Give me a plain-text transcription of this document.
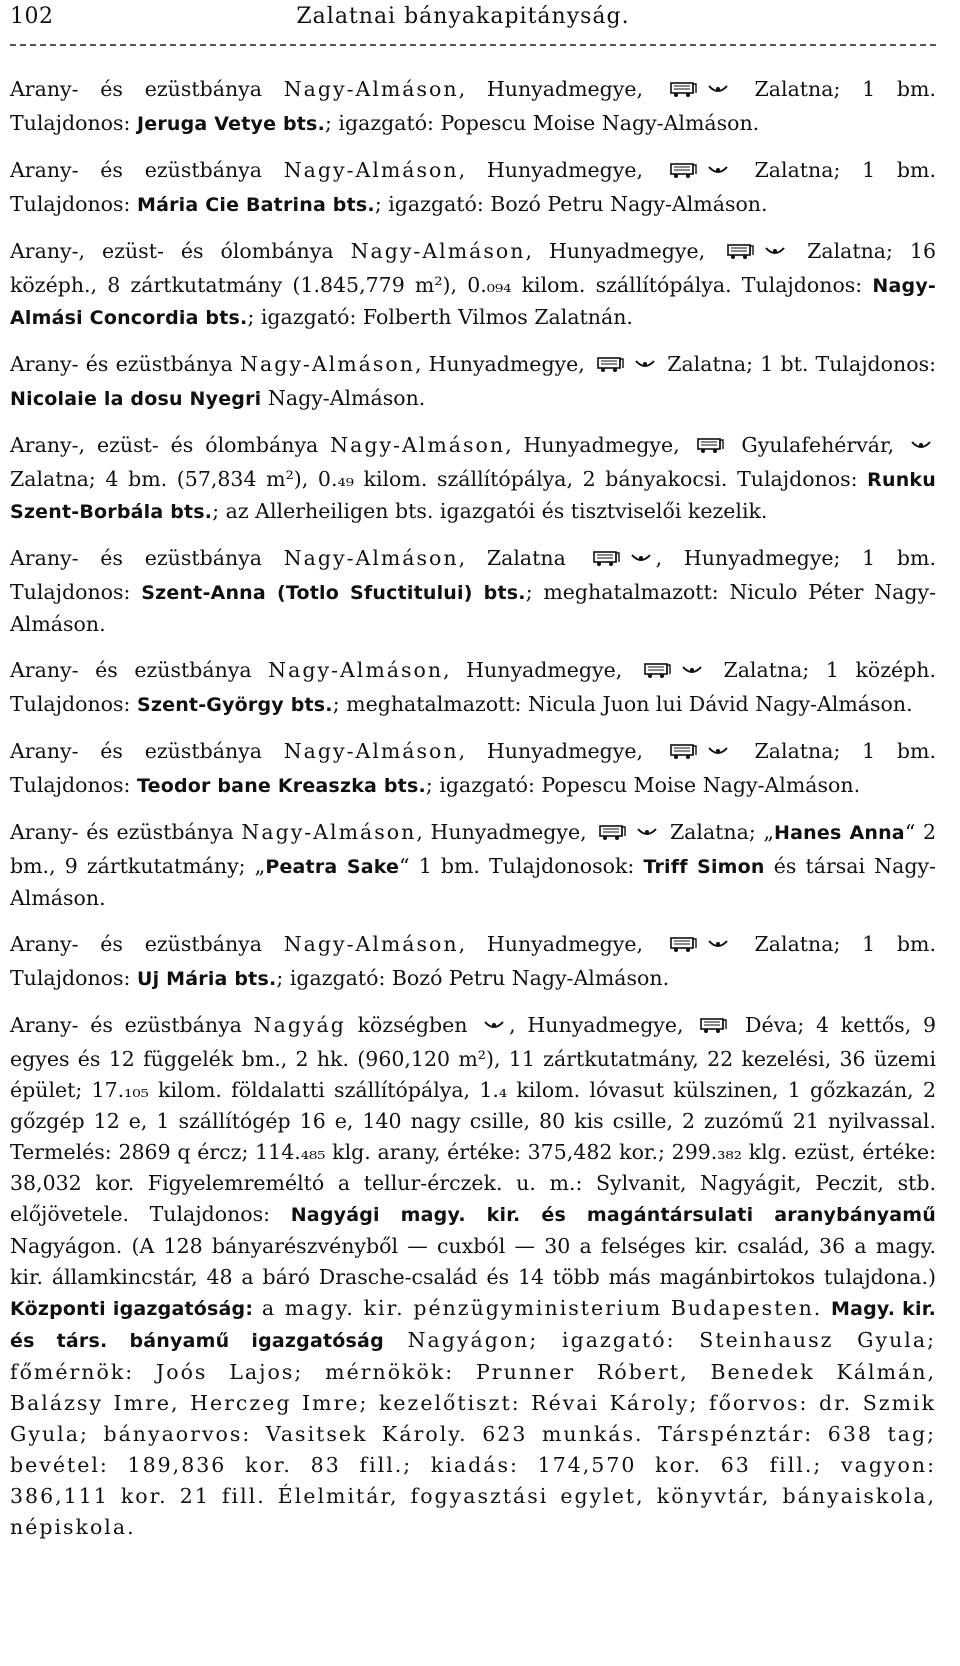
102	Zalatnai bányakapitányság.
Arany- és ezüstbánya Nagy-Almáson, Hunyadmegye,	Zalatna; 1 bm. Tulajdonos: Jeruga Vetye bts.; igazgató: Popescu Moise Nagy-Almáson.
Arany- és ezüstbánya Nagy-Almáson, Hunyadmegye,	Zalatna; 1 bm. Tulajdonos: Mária Cie Batrina bts.; igazgató: Bozó Petru Nagy-Almáson.
Arany-, ezüst- és ólombánya Nagy-Almáson, Hunyadmegye,	Zalatna; 16 középh., 8 zártkutatmány (1.845,779 m²), 0.₀₉₄ kilom. szállítópálya. Tulajdonos: Nagy-Almási Concordia bts.; igazgató: Folberth Vilmos Zalatnán.
Arany- és ezüstbánya Nagy-Almáson, Hunyadmegye,	Zalatna; 1 bt. Tulajdonos: Nicolaie la dosu Nyegri Nagy-Almáson.
Arany-, ezüst- és ólombánya Nagy-Almáson, Hunyadmegye,  Gyulafehérvár,  Zalatna; 4 bm. (57,834 m²), 0.₄₉ kilom. szállítópálya, 2 bányakocsi. Tulajdonos: Runku Szent-Borbála bts.; az Allerheiligen bts. igazgatói és tisztviselői kezelik.
Arany- és ezüstbánya Nagy-Almáson, Zalatna	, Hunyadmegye; 1 bm. Tulajdonos: Szent-Anna (Totlo Sfuctitului) bts.; meghatalmazott: Niculo Péter Nagy-Almáson.
Arany- és ezüstbánya Nagy-Almáson, Hunyadmegye,	Zalatna; 1 középh. Tulajdonos: Szent-György bts.; meghatalmazott: Nicula Juon lui Dávid Nagy-Almáson.
Arany- és ezüstbánya Nagy-Almáson, Hunyadmegye,	Zalatna; 1 bm. Tulajdonos: Teodor bane Kreaszka bts.; igazgató: Popescu Moise Nagy-Almáson.
Arany- és ezüstbánya Nagy-Almáson, Hunyadmegye,	Zalatna; „Hanes Anna“ 2 bm., 9 zártkutatmány; „Peatra Sake“ 1 bm. Tulajdonosok: Triff Simon és társai Nagy-Almáson.
Arany- és ezüstbánya Nagy-Almáson, Hunyadmegye,	Zalatna; 1 bm. Tulajdonos: Uj Mária bts.; igazgató: Bozó Petru Nagy-Almáson.
Arany- és ezüstbánya Nagyág községben , Hunyadmegye,  Déva; 4 kettős, 9 egyes és 12 függelék bm., 2 hk. (960,120 m²), 11 zártkutatmány, 22 kezelési, 36 üzemi épület; 17.₁₀₅ kilom. földalatti szállítópálya, 1.₄ kilom. lóvasut külszinen, 1 gőzkazán, 2 gőzgép 12 e, 1 szállítógép 16 e, 140 nagy csille, 80 kis csille, 2 zuzómű 21 nyilvassal. Termelés: 2869 q ércz; 114.₄₈₅ klg. arany, értéke: 375,482 kor.; 299.₃₈₂ klg. ezüst, értéke: 38,032 kor. Figyelemreméltó a tellur-érczek. u. m.: Sylvanit, Nagyágit, Peczit, stb. előjövetele. Tulajdonos: Nagyági magy. kir. és magántársulati aranybányamű Nagyágon. (A 128 bányarészvényből — cuxból — 30 a felséges kir. család, 36 a magy. kir. államkincstár, 48 a báró Drasche-család és 14 több más magánbirtokos tulajdona.) Központi igazgatóság: a magy. kir. pénzügyministerium Budapesten. Magy. kir. és társ. bányamű igazgatóság Nagyágon; igazgató: Steinhausz Gyula; főmérnök: Joós Lajos; mérnökök: Prunner Róbert, Benedek Kálmán, Balázsy Imre, Herczeg Imre; kezelőtiszt: Révai Károly; főorvos: dr. Szmik Gyula; bányaorvos: Vasitsek Károly. 623 munkás. Társpénztár: 638 tag; bevétel: 189,836 kor. 83 fill.; kiadás: 174,570 kor. 63 fill.; vagyon: 386,111 kor. 21 fill. Élelmitár, fogyasztási egylet, könyvtár, bányaiskola, népiskola.
